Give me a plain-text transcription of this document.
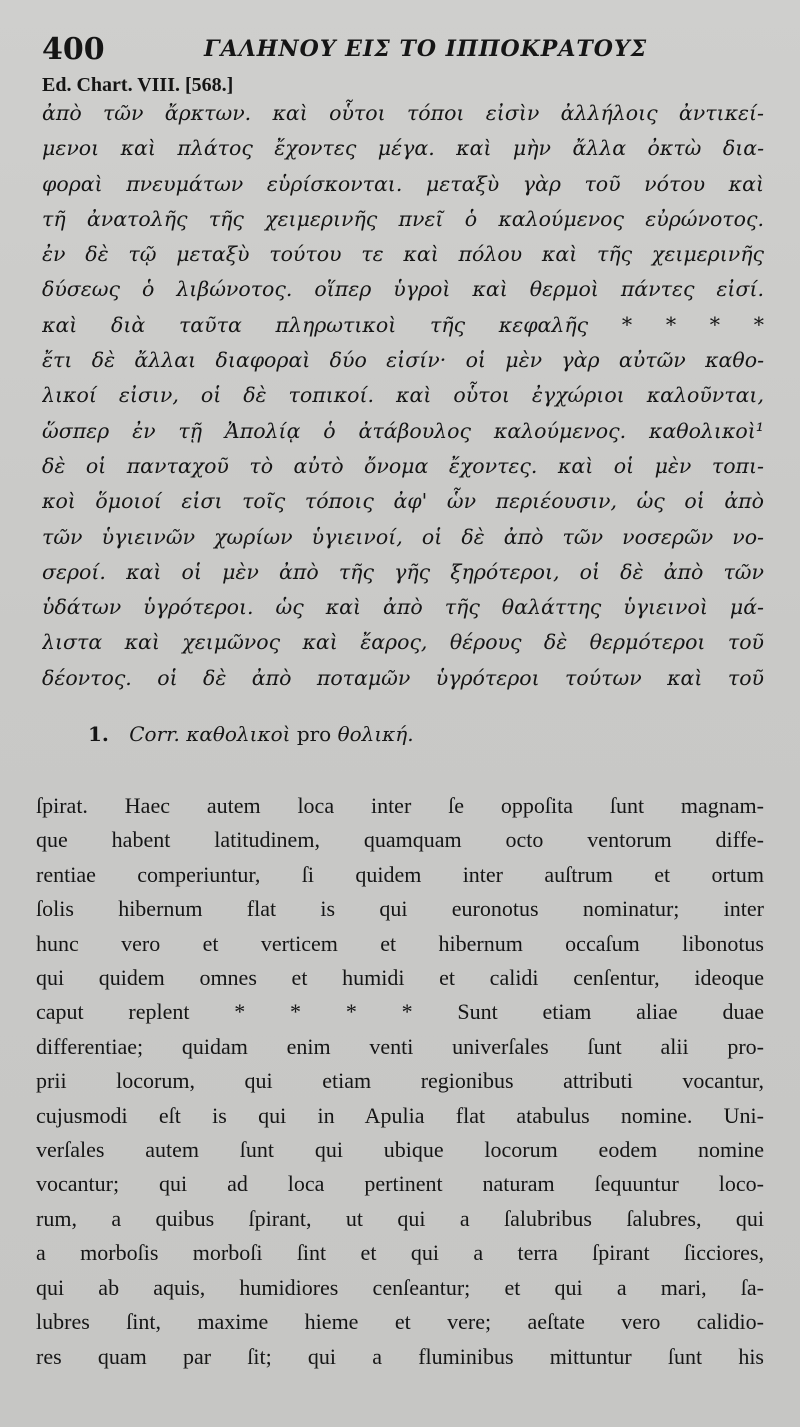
400	ΓΑΛΗΝΟΥ ΕΙΣ ΤΟ ΙΠΠΟΚΡΑΤΟΥΣ
Ed. Chart. VIII. [568.]
ἀπὸ τῶν ἄρκτων. καὶ οὗτοι τόποι εἰσὶν ἀλλήλοις ἀντικεί-
μενοι καὶ πλάτος ἔχοντες μέγα. καὶ μὴν ἄλλα ὀκτὼ δια-
φοραὶ πνευμάτων εὑρίσκονται. μεταξὺ γὰρ τοῦ νότου καὶ
τῆ ἀνατολῆς τῆς χειμερινῆς πνεῖ ὁ καλούμενος εὐρώνοτος.
ἐν δὲ τῷ μεταξὺ τούτου τε καὶ πόλου καὶ τῆς χειμερινῆς
δύσεως ὁ λιβώνοτος. οἵπερ ὑγροὶ καὶ θερμοὶ πάντες εἰσί.
καὶ διὰ ταῦτα πληρωτικοὶ τῆς κεφαλῆς * * * *
ἔτι δὲ ἄλλαι διαφοραὶ δύο εἰσίν· οἱ μὲν γὰρ αὐτῶν καθο-
λικοί εἰσιν, οἱ δὲ τοπικοί. καὶ οὗτοι ἐγχώριοι καλοῦνται,
ὥσπερ ἐν τῇ Ἀπολίᾳ ὁ ἀτάβουλος καλούμενος. καθολικοὶ¹
δὲ οἱ πανταχοῦ τὸ αὐτὸ ὄνομα ἔχοντες. καὶ οἱ μὲν τοπι-
κοὶ ὅμοιοί εἰσι τοῖς τόποις ἀφ' ὧν περιέουσιν, ὡς οἱ ἀπὸ
τῶν ὑγιεινῶν χωρίων ὑγιεινοί, οἱ δὲ ἀπὸ τῶν νοσερῶν νο-
σεροί. καὶ οἱ μὲν ἀπὸ τῆς γῆς ξηρότεροι, οἱ δὲ ἀπὸ τῶν
ὑδάτων ὑγρότεροι. ὡς καὶ ἀπὸ τῆς θαλάττης ὑγιεινοὶ μά-
λιστα καὶ χειμῶνος καὶ ἔαρος, θέρους δὲ θερμότεροι τοῦ
δέοντος. οἱ δὲ ἀπὸ ποταμῶν ὑγρότεροι τούτων καὶ τοῦ
1. Corr. καθολικοὶ pro θολική.
ſpirat. Haec autem loca inter ſe oppoſita ſunt magnam-
que habent latitudinem, quamquam octo ventorum diffe-
rentiae comperiuntur, ſi quidem inter auſtrum et ortum
ſolis hibernum flat is qui euronotus nominatur; inter
hunc vero et verticem et hibernum occaſum libonotus
qui quidem omnes et humidi et calidi cenſentur, ideoque
caput replent * * * * Sunt etiam aliae duae
differentiae; quidam enim venti univerſales ſunt alii pro-
prii locorum, qui etiam regionibus attributi vocantur,
cujusmodi eſt is qui in Apulia flat atabulus nomine. Uni-
verſales autem ſunt qui ubique locorum eodem nomine
vocantur; qui ad loca pertinent naturam ſequuntur loco-
rum, a quibus ſpirant, ut qui a ſalubribus ſalubres, qui
a morboſis morboſi ſint et qui a terra ſpirant ſicciores,
qui ab aquis, humidiores cenſeantur; et qui a mari, ſa-
lubres ſint, maxime hieme et vere; aeſtate vero calidio-
res quam par ſit; qui a fluminibus mittuntur ſunt his
